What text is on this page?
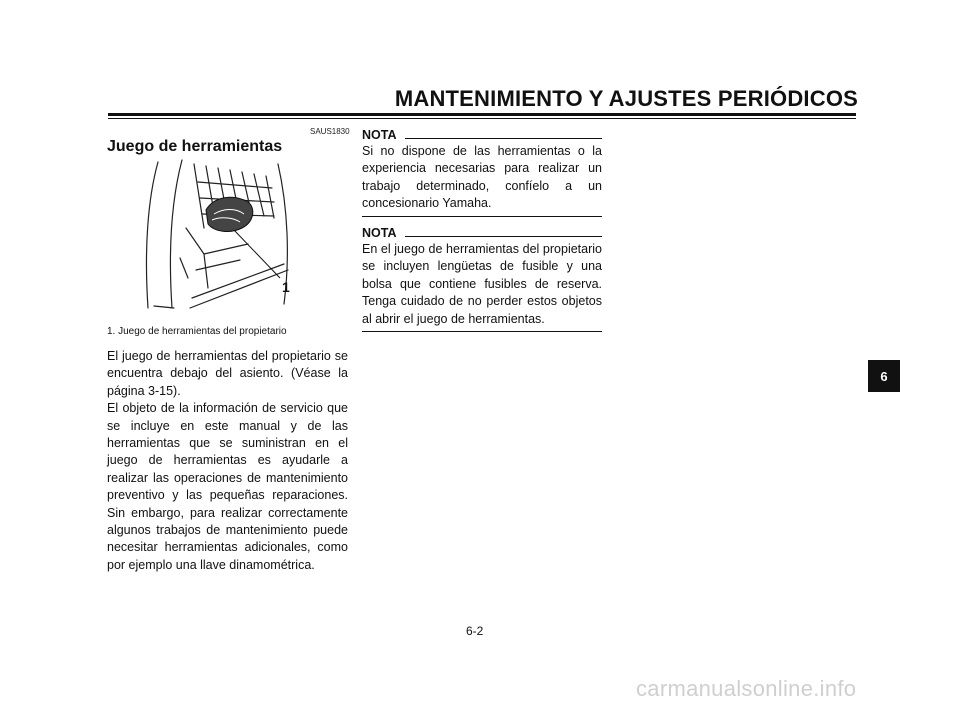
MANTENIMIENTO Y AJUSTES PERIÓDICOS
SAUS1830
Juego de herramientas
1
1. Juego de herramientas del propietario

El juego de herramientas del propietario se encuentra debajo del asiento. (Véase la página 3-15).

El objeto de la información de servicio que se incluye en este manual y de las herramientas que se suministran en el juego de herramientas es ayudarle a realizar las operaciones de mantenimiento preventivo y las pequeñas reparaciones. Sin embargo, para realizar correctamente algunos trabajos de mantenimiento puede necesitar herramientas adicionales, como por ejemplo una llave dinamométrica.

NOTA

Si no dispone de las herramientas o la experiencia necesarias para realizar un trabajo determinado, confíelo a un concesionario Yamaha.

NOTA

En el juego de herramientas del propietario se incluyen lengüetas de fusible y una bolsa que contiene fusibles de reserva. Tenga cuidado de no perder estos objetos al abrir el juego de herramientas.

6-2
6
carmanualsonline.info
